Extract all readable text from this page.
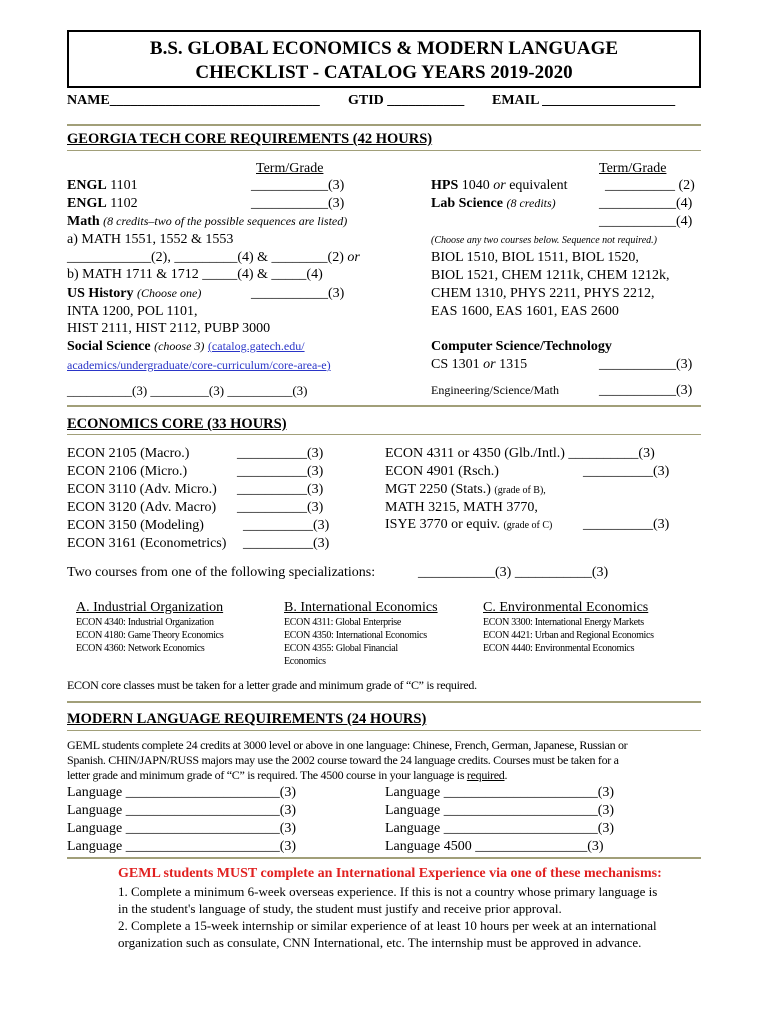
B.S. GLOBAL ECONOMICS & MODERN LANGUAGE
CHECKLIST - CATALOG YEARS 2019-2020
NAME______________________________ GTID ___________ EMAIL ___________________
GEORGIA TECH CORE REQUIREMENTS (42 HOURS)
Term/Grade	Term/Grade
ENGL 1101	___________(3)
ENGL 1102	___________(3)
Math (8 credits–two of the possible sequences are listed)
a) MATH 1551, 1552 & 1553
____________(2), _________(4) & ________(2) or
b) MATH 1711 & 1712 _____(4) & _____(4)
US History (Choose one)	___________(3)
INTA 1200, POL 1101,
HIST 2111, HIST 2112, PUBP 3000
Social Science (choose 3) (catalog.gatech.edu/
academics/undergraduate/core-curriculum/core-area-e)
__________(3) _________(3) __________(3)
HPS 1040 or equivalent	__________ (2)
Lab Science (8 credits)	___________(4)
___________(4)
(Choose any two courses below. Sequence not required.)
BIOL 1510, BIOL 1511, BIOL 1520,
BIOL 1521, CHEM 1211k, CHEM 1212k,
CHEM 1310, PHYS 2211, PHYS 2212,
EAS 1600, EAS 1601, EAS 2600
Computer Science/Technology
CS 1301 or 1315	___________(3)
Engineering/Science/Math	___________(3)
ECONOMICS CORE (33 HOURS)
ECON 2105 (Macro.)	__________(3)
ECON 2106 (Micro.)	__________(3)
ECON 3110 (Adv. Micro.) __________(3)
ECON 3120 (Adv. Macro) __________(3)
ECON 3150 (Modeling)	__________(3)
ECON 3161 (Econometrics) __________(3)
ECON 4311 or 4350 (Glb./Intl.) __________(3)
ECON 4901 (Rsch.)	__________(3)
MGT 2250 (Stats.) (grade of B),
MATH 3215, MATH 3770,
ISYE 3770 or equiv. (grade of C) __________(3)
Two courses from one of the following specializations:	___________(3) ___________(3)
A. Industrial Organization
ECON 4340: Industrial Organization
ECON 4180: Game Theory Economics
ECON 4360: Network Economics
B. International Economics
ECON 4311: Global Enterprise
ECON 4350: International Economics
ECON 4355: Global Financial
Economics
C. Environmental Economics
ECON 3300: International Energy Markets
ECON 4421: Urban and Regional Economics
ECON 4440: Environmental Economics
ECON core classes must be taken for a letter grade and minimum grade of “C” is required.
MODERN LANGUAGE REQUIREMENTS (24 HOURS)
GEML students complete 24 credits at 3000 level or above in one language: Chinese, French, German, Japanese, Russian or
Spanish. CHIN/JAPN/RUSS majors may use the 2002 course toward the 24 language credits. Courses must be taken for a
letter grade and minimum grade of “C” is required. The 4500 course in your language is required.
Language ______________________(3)
Language ______________________(3)
Language ______________________(3)
Language ______________________(3)
Language ______________________(3)
Language ______________________(3)
Language ______________________(3)
Language 4500 ________________(3)
GEML students MUST complete an International Experience via one of these mechanisms:
1. Complete a minimum 6-week overseas experience. If this is not a country whose primary language is
in the student's language of study, the student must justify and receive prior approval.
2. Complete a 15-week internship or similar experience of at least 10 hours per week at an international
organization such as consulate, CNN International, etc. The internship must be approved in advance.
